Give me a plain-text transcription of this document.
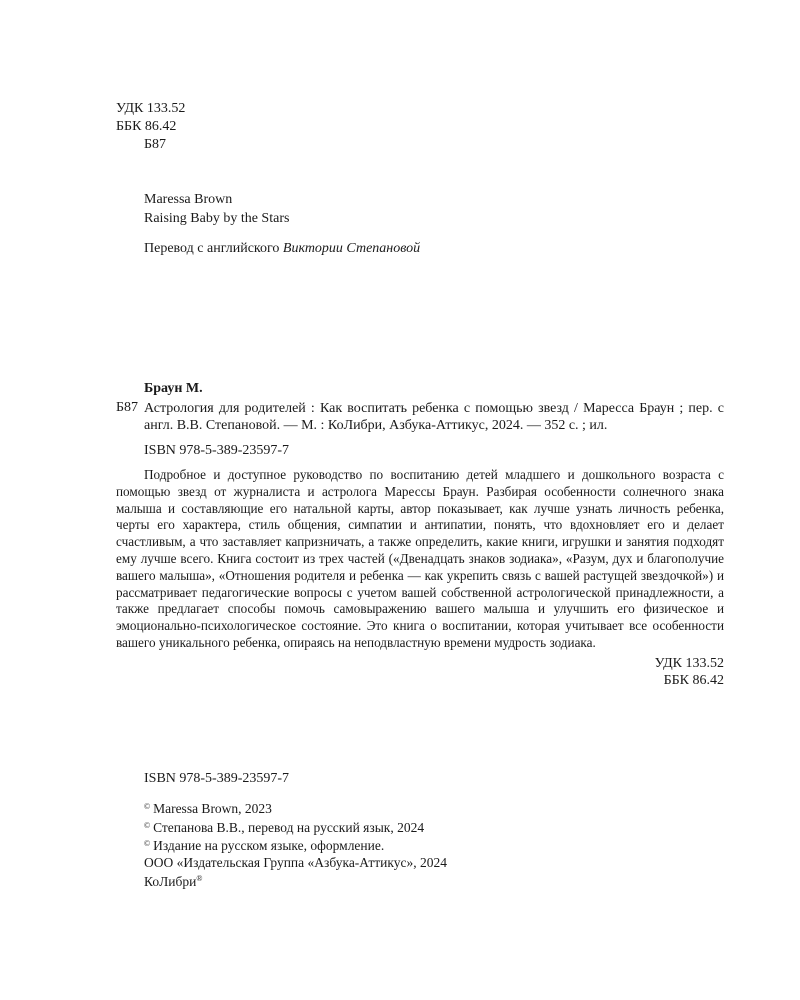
УДК 133.52
ББК 86.42
Б87
Maressa Brown
Raising Baby by the Stars
Перевод с английского Виктории Степановой
Браун М.
Б87 Астрология для родителей : Как воспитать ребенка с помощью звезд / Маресса Браун ; пер. с англ. В.В. Степановой. — М. : КоЛибри, Азбука-Аттикус, 2024. — 352 с. ; ил.
ISBN 978-5-389-23597-7
Подробное и доступное руководство по воспитанию детей младшего и дошкольного возраста с помощью звезд от журналиста и астролога Марессы Браун. Разбирая особенности солнечного знака малыша и составляющие его натальной карты, автор показывает, как лучше узнать личность ребенка, черты его характера, стиль общения, симпатии и антипатии, понять, что вдохновляет его и делает счастливым, а что заставляет капризничать, а также определить, какие книги, игрушки и занятия подходят ему лучше всего. Книга состоит из трех частей («Двенадцать знаков зодиака», «Разум, дух и благополучие вашего малыша», «Отношения родителя и ребенка — как укрепить связь с вашей растущей звездочкой») и рассматривает педагогические вопросы с учетом вашей собственной астрологической принадлежности, а также предлагает способы помочь самовыражению вашего малыша и улучшить его физическое и эмоционально-психологическое состояние. Это книга о воспитании, которая учитывает все особенности вашего уникального ребенка, опираясь на неподвластную времени мудрость зодиака.
УДК 133.52
ББК 86.42
ISBN 978-5-389-23597-7
© Maressa Brown, 2023
© Степанова В.В., перевод на русский язык, 2024
© Издание на русском языке, оформление.
ООО «Издательская Группа «Азбука-Аттикус», 2024
КоЛибри®
